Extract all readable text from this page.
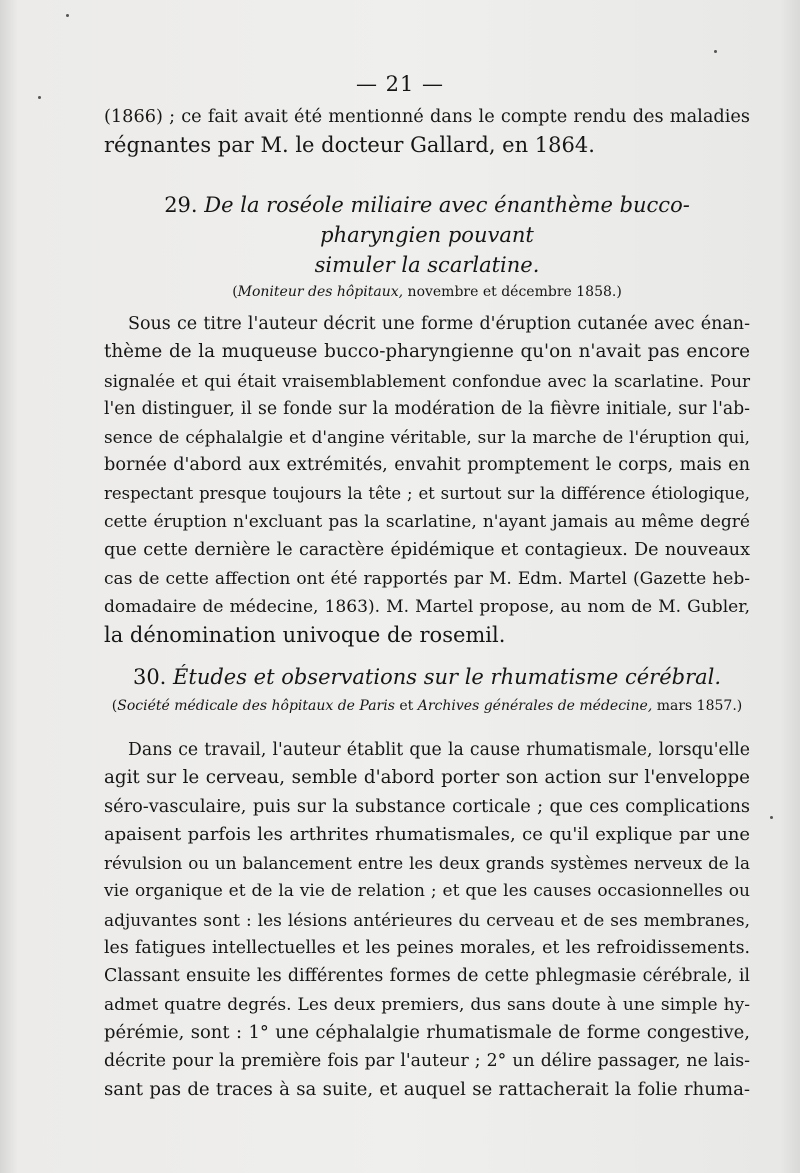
— 21 —

(1866) ; ce fait avait été mentionné dans le compte rendu des maladies
régnantes par M. le docteur Gallard, en 1864.

29. De la roséole miliaire avec énanthème bucco-pharyngien pouvant
simuler la scarlatine.

(Moniteur des hôpitaux, novembre et décembre 1858.)

Sous ce titre l'auteur décrit une forme d'éruption cutanée avec énan-
thème de la muqueuse bucco-pharyngienne qu'on n'avait pas encore
signalée et qui était vraisemblablement confondue avec la scarlatine. Pour
l'en distinguer, il se fonde sur la modération de la fièvre initiale, sur l'ab-
sence de céphalalgie et d'angine véritable, sur la marche de l'éruption qui,
bornée d'abord aux extrémités, envahit promptement le corps, mais en
respectant presque toujours la tête ; et surtout sur la différence étiologique,
cette éruption n'excluant pas la scarlatine, n'ayant jamais au même degré
que cette dernière le caractère épidémique et contagieux. De nouveaux
cas de cette affection ont été rapportés par M. Edm. Martel (Gazette heb-
domadaire de médecine, 1863). M. Martel propose, au nom de M. Gubler,
la dénomination univoque de rosemil.

30. Études et observations sur le rhumatisme cérébral.

(Société médicale des hôpitaux de Paris et Archives générales de médecine, mars 1857.)

Dans ce travail, l'auteur établit que la cause rhumatismale, lorsqu'elle
agit sur le cerveau, semble d'abord porter son action sur l'enveloppe
séro-vasculaire, puis sur la substance corticale ; que ces complications
apaisent parfois les arthrites rhumatismales, ce qu'il explique par une
révulsion ou un balancement entre les deux grands systèmes nerveux de la
vie organique et de la vie de relation ; et que les causes occasionnelles ou
adjuvantes sont : les lésions antérieures du cerveau et de ses membranes,
les fatigues intellectuelles et les peines morales, et les refroidissements.
Classant ensuite les différentes formes de cette phlegmasie cérébrale, il
admet quatre degrés. Les deux premiers, dus sans doute à une simple hy-
pérémie, sont : 1° une céphalalgie rhumatismale de forme congestive,
décrite pour la première fois par l'auteur ; 2° un délire passager, ne lais-
sant pas de traces à sa suite, et auquel se rattacherait la folie rhuma-
